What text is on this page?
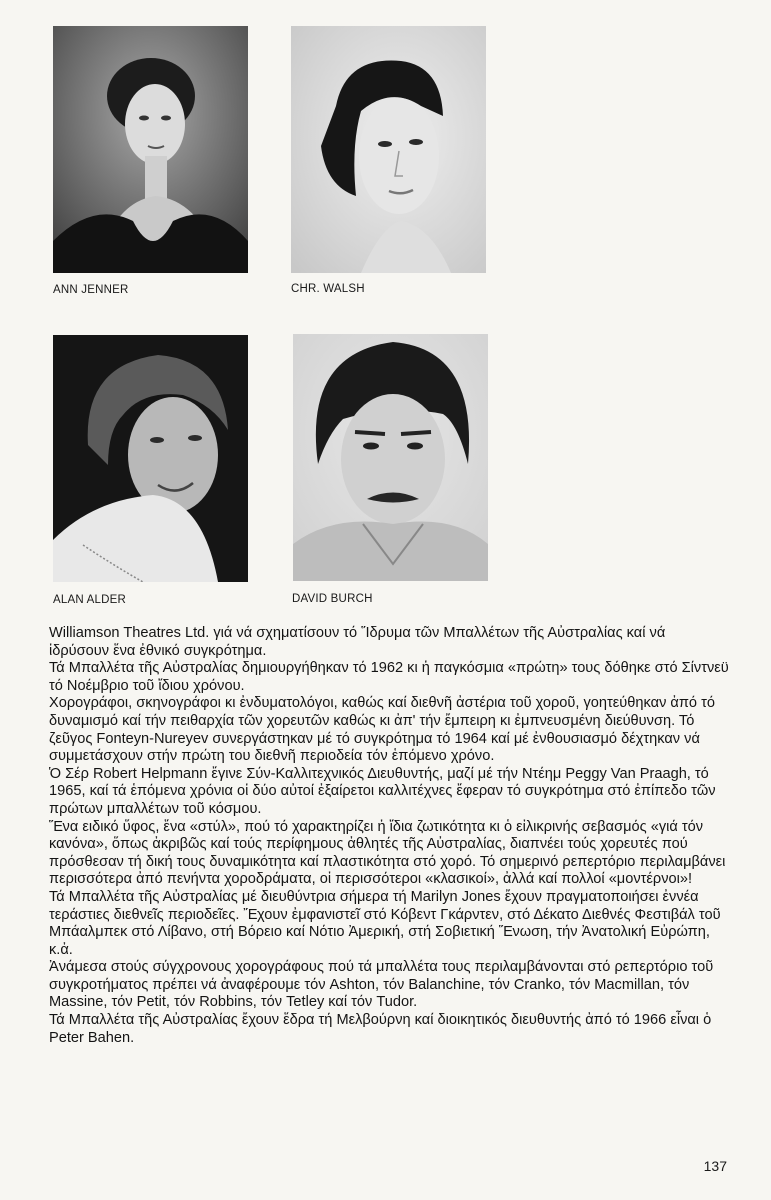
ANN JENNER	CHR. WALSH
ALAN ALDER	DAVID BURCH

Williamson Theatres Ltd. γιά νά σχηματίσουν τό Ἵδρυμα τῶν Μπαλλέτων τῆς Αὐστραλίας καί νά ἱδρύσουν ἕνα ἐθνικό συγκρότημα.

Τά Μπαλλέτα τῆς Αὐστραλίας δημιουργήθηκαν τό 1962 κι ἡ παγκόσμια «πρώτη» τους δόθηκε στό Σίντνεϋ τό Νοέμβριο τοῦ ἴδιου χρόνου.

Χορογράφοι, σκηνογράφοι κι ἐνδυματολόγοι, καθώς καί διεθνῆ ἀστέρια τοῦ χοροῦ, γοητεύθηκαν ἀπό τό δυναμισμό καί τήν πειθαρχία τῶν χορευτῶν καθώς κι ἀπ' τήν ἔμπειρη κι ἐμπνευσμένη διεύθυνση. Τό ζεῦγος Fonteyn-Nureyev συνεργάστηκαν μέ τό συγκρότημα τό 1964 καί μέ ἐνθουσιασμό δέχτηκαν νά συμμετάσχουν στήν πρώτη του διεθνῆ περιοδεία τόν ἑπόμενο χρόνο.

Ὁ Σέρ Robert Helpmann ἔγινε Σύν-Καλλιτεχνικός Διευθυντής, μαζί μέ τήν Ντέημ Peggy Van Praagh, τό 1965, καί τά ἑπόμενα χρόνια οἱ δύο αὐτοί ἐξαίρετοι καλλιτέχνες ἔφεραν τό συγκρότημα στό ἐπίπεδο τῶν πρώτων μπαλλέτων τοῦ κόσμου.

Ἕνα ειδικό ὕφος, ἕνα «στύλ», πού τό χαρακτηρίζει ἡ ἴδια ζωτικότητα κι ὁ εἰλικρινής σεβασμός «γιά τόν κανόνα», ὅπως ἀκριβῶς καί τούς περίφημους ἀθλητές τῆς Αὐστραλίας, διαπνέει τούς χορευτές πού πρόσθεσαν τή δική τους δυναμικότητα καί πλαστικότητα στό χορό. Τό σημερινό ρεπερτόριο περιλαμβάνει περισσότερα ἀπό πενήντα χοροδράματα, οἱ περισσότεροι «κλασικοί», ἀλλά καί πολλοί «μοντέρνοι»!

Τά Μπαλλέτα τῆς Αὐστραλίας μέ διευθύντρια σήμερα τή Marilyn Jones ἔχουν πραγματοποιήσει ἐννέα τεράστιες διεθνεῖς περιοδεῖες. Ἔχουν ἐμφανιστεῖ στό Κόβεντ Γκάρντεν, στό Δέκατο Διεθνές Φεστιβάλ τοῦ Μπάαλμπεκ στό Λίβανο, στή Βόρειο καί Νότιο Ἀμερική, στή Σοβιετική Ἕνωση, τήν Ἀνατολική Εὐρώπη, κ.ἀ.

Ἀνάμεσα στούς σύγχρονους χορογράφους πού τά μπαλλέτα τους περιλαμβάνονται στό ρεπερτόριο τοῦ συγκροτήματος πρέπει νά ἀναφέρουμε τόν Ashton, τόν Balanchine, τόν Cranko, τόν Macmillan, τόν Massine, τόν Petit, τόν Robbins, τόν Tetley καί τόν Tudor.

Τά Μπαλλέτα τῆς Αὐστραλίας ἔχουν ἕδρα τή Μελβούρνη καί διοικητικός διευθυντής ἀπό τό 1966 εἶναι ὁ Peter Bahen.

137
